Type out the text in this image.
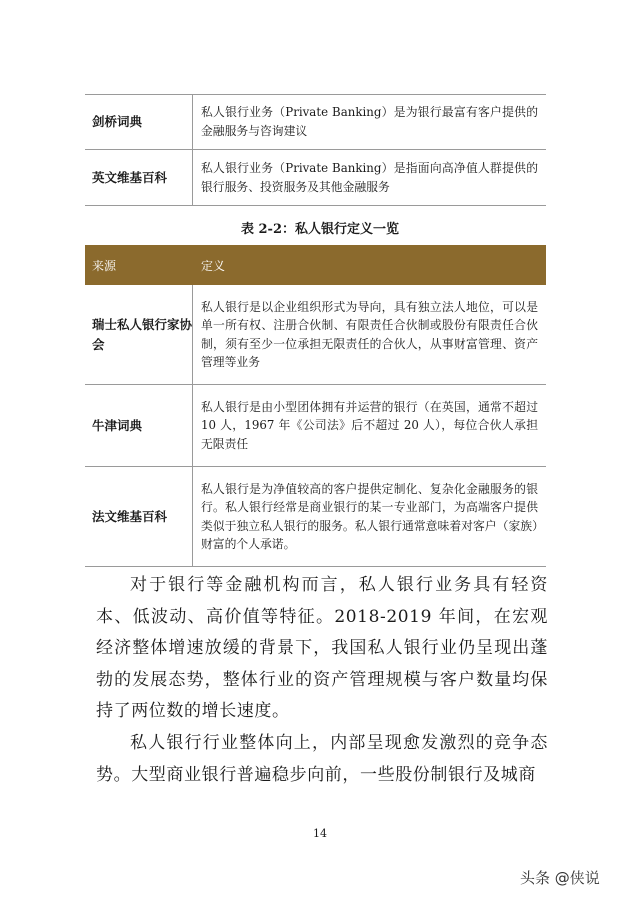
剑桥词典
私人银行业务（Private Banking）是为银行最富有客户提供的金融服务与咨询建议
英文维基百科
私人银行业务（Private Banking）是指面向高净值人群提供的银行服务、投资服务及其他金融服务
表 2-2：私人银行定义一览
来源	定义
瑞士私人银行家协会
私人银行是以企业组织形式为导向，具有独立法人地位，可以是单一所有权、注册合伙制、有限责任合伙制或股份有限责任合伙制，须有至少一位承担无限责任的合伙人，从事财富管理、资产管理等业务
牛津词典
私人银行是由小型团体拥有并运营的银行（在英国，通常不超过 10 人，1967 年《公司法》后不超过 20 人），每位合伙人承担无限责任
法文维基百科
私人银行是为净值较高的客户提供定制化、复杂化金融服务的银行。私人银行经常是商业银行的某一专业部门，为高端客户提供类似于独立私人银行的服务。私人银行通常意味着对客户（家族）财富的个人承诺。
对于银行等金融机构而言，私人银行业务具有轻资本、低波动、高价值等特征。2018-2019 年间，在宏观经济整体增速放缓的背景下，我国私人银行业仍呈现出蓬勃的发展态势，整体行业的资产管理规模与客户数量均保持了两位数的增长速度。
私人银行行业整体向上，内部呈现愈发激烈的竞争态势。大型商业银行普遍稳步向前，一些股份制银行及城商
14
头条 @侠说
